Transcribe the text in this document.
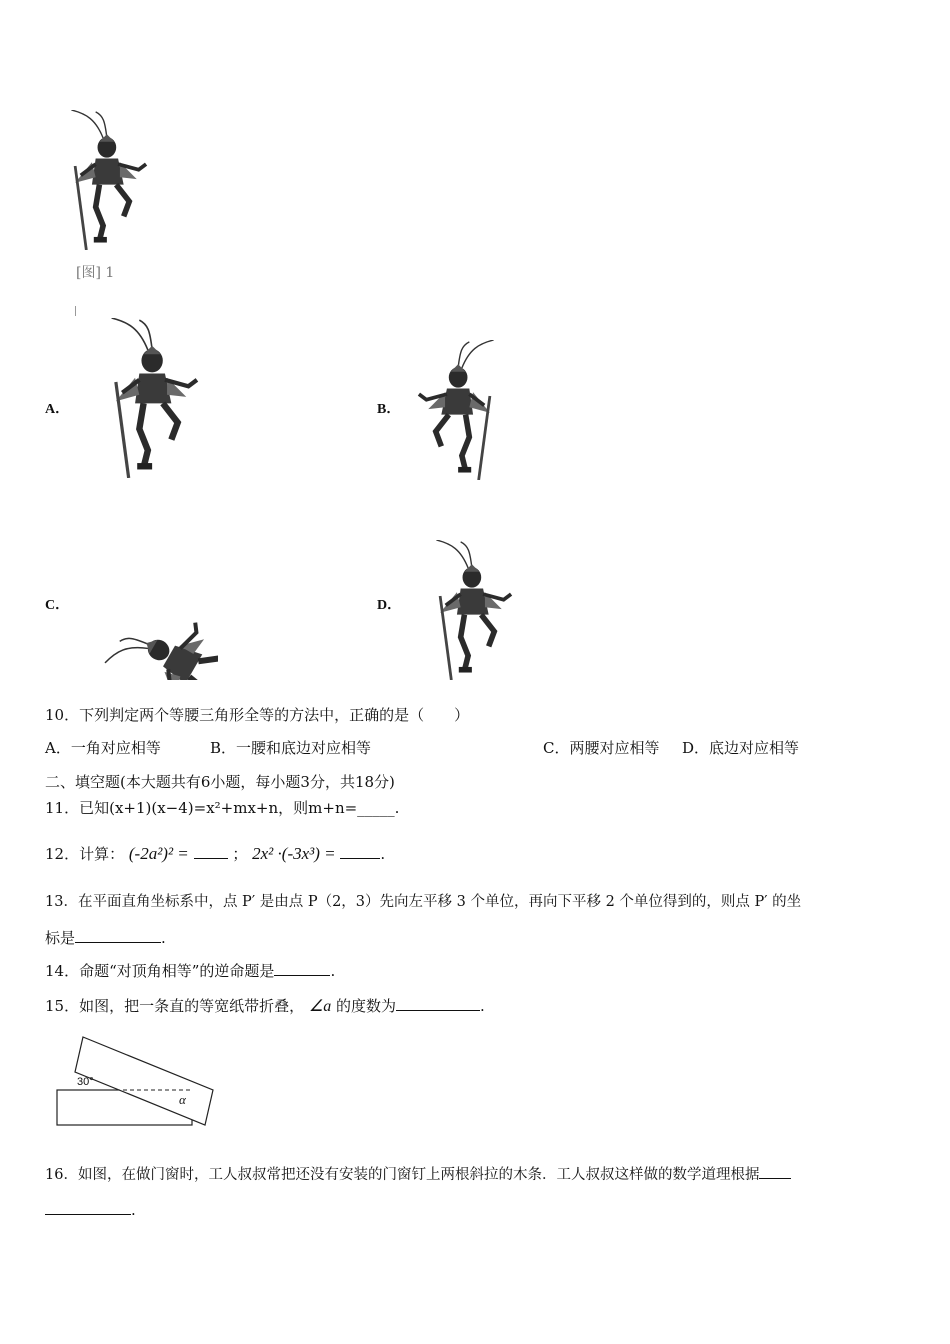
[图] 1
A．	B．
C．	D．
10．下列判定两个等腰三角形全等的方法中，正确的是（　　）
A．一角对应相等	B．一腰和底边对应相等	C．两腰对应相等 D．底边对应相等
二、填空题(本大题共有6小题，每小题3分，共18分)
11．已知(x+1)(x−4)=x²+mx+n，则m+n=_____.
12．计算： (-2a²)² =	； 2x² ·(-3x³) =	.
13．在平面直角坐标系中，点 P′ 是由点 P（2，3）先向左平移 3 个单位，再向下平移 2 个单位得到的，则点 P′ 的坐
标是	.
14．命题“对顶角相等”的逆命题是	.
15．如图，把一条直的等宽纸带折叠， ∠a 的度数为	.
30°
α
16．如图，在做门窗时，工人叔叔常把还没有安装的门窗钉上两根斜拉的木条．工人叔叔这样做的数学道理根据
.
